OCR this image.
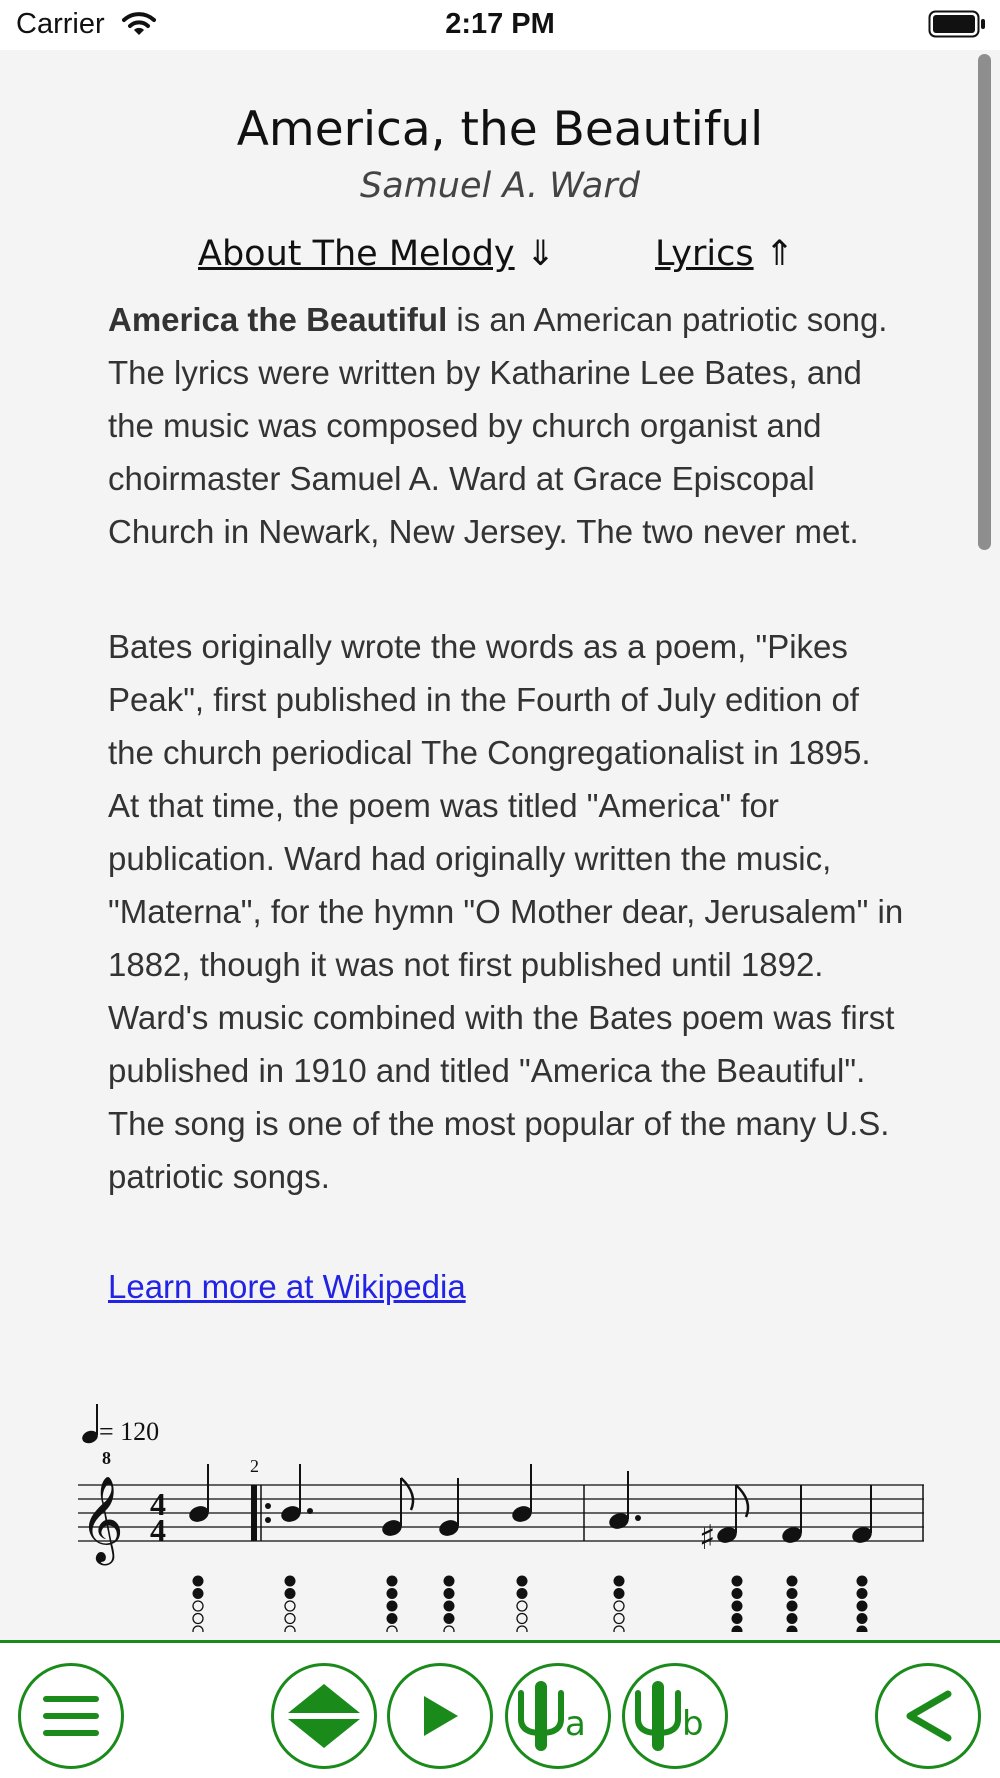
Carrier	2:17 PM
America, the Beautiful
Samuel A. Ward
About The Melody ⇓	Lyrics ⇑

America the Beautiful is an American patriotic song. The lyrics were written by Katharine Lee Bates, and the music was composed by church organist and choirmaster Samuel A. Ward at Grace Episcopal Church in Newark, New Jersey. The two never met.

Bates originally wrote the words as a poem, "Pikes Peak", first published in the Fourth of July edition of the church periodical The Congregationalist in 1895. At that time, the poem was titled "America" for publication. Ward had originally written the music, "Materna", for the hymn "O Mother dear, Jerusalem" in 1882, though it was not first published until 1892. Ward's music combined with the Bates poem was first published in 1910 and titled "America the Beautiful". The song is one of the most popular of the many U.S. patriotic songs.

Learn more at Wikipedia
= 120
𝄞
8
4
4
2
♯
a	b
